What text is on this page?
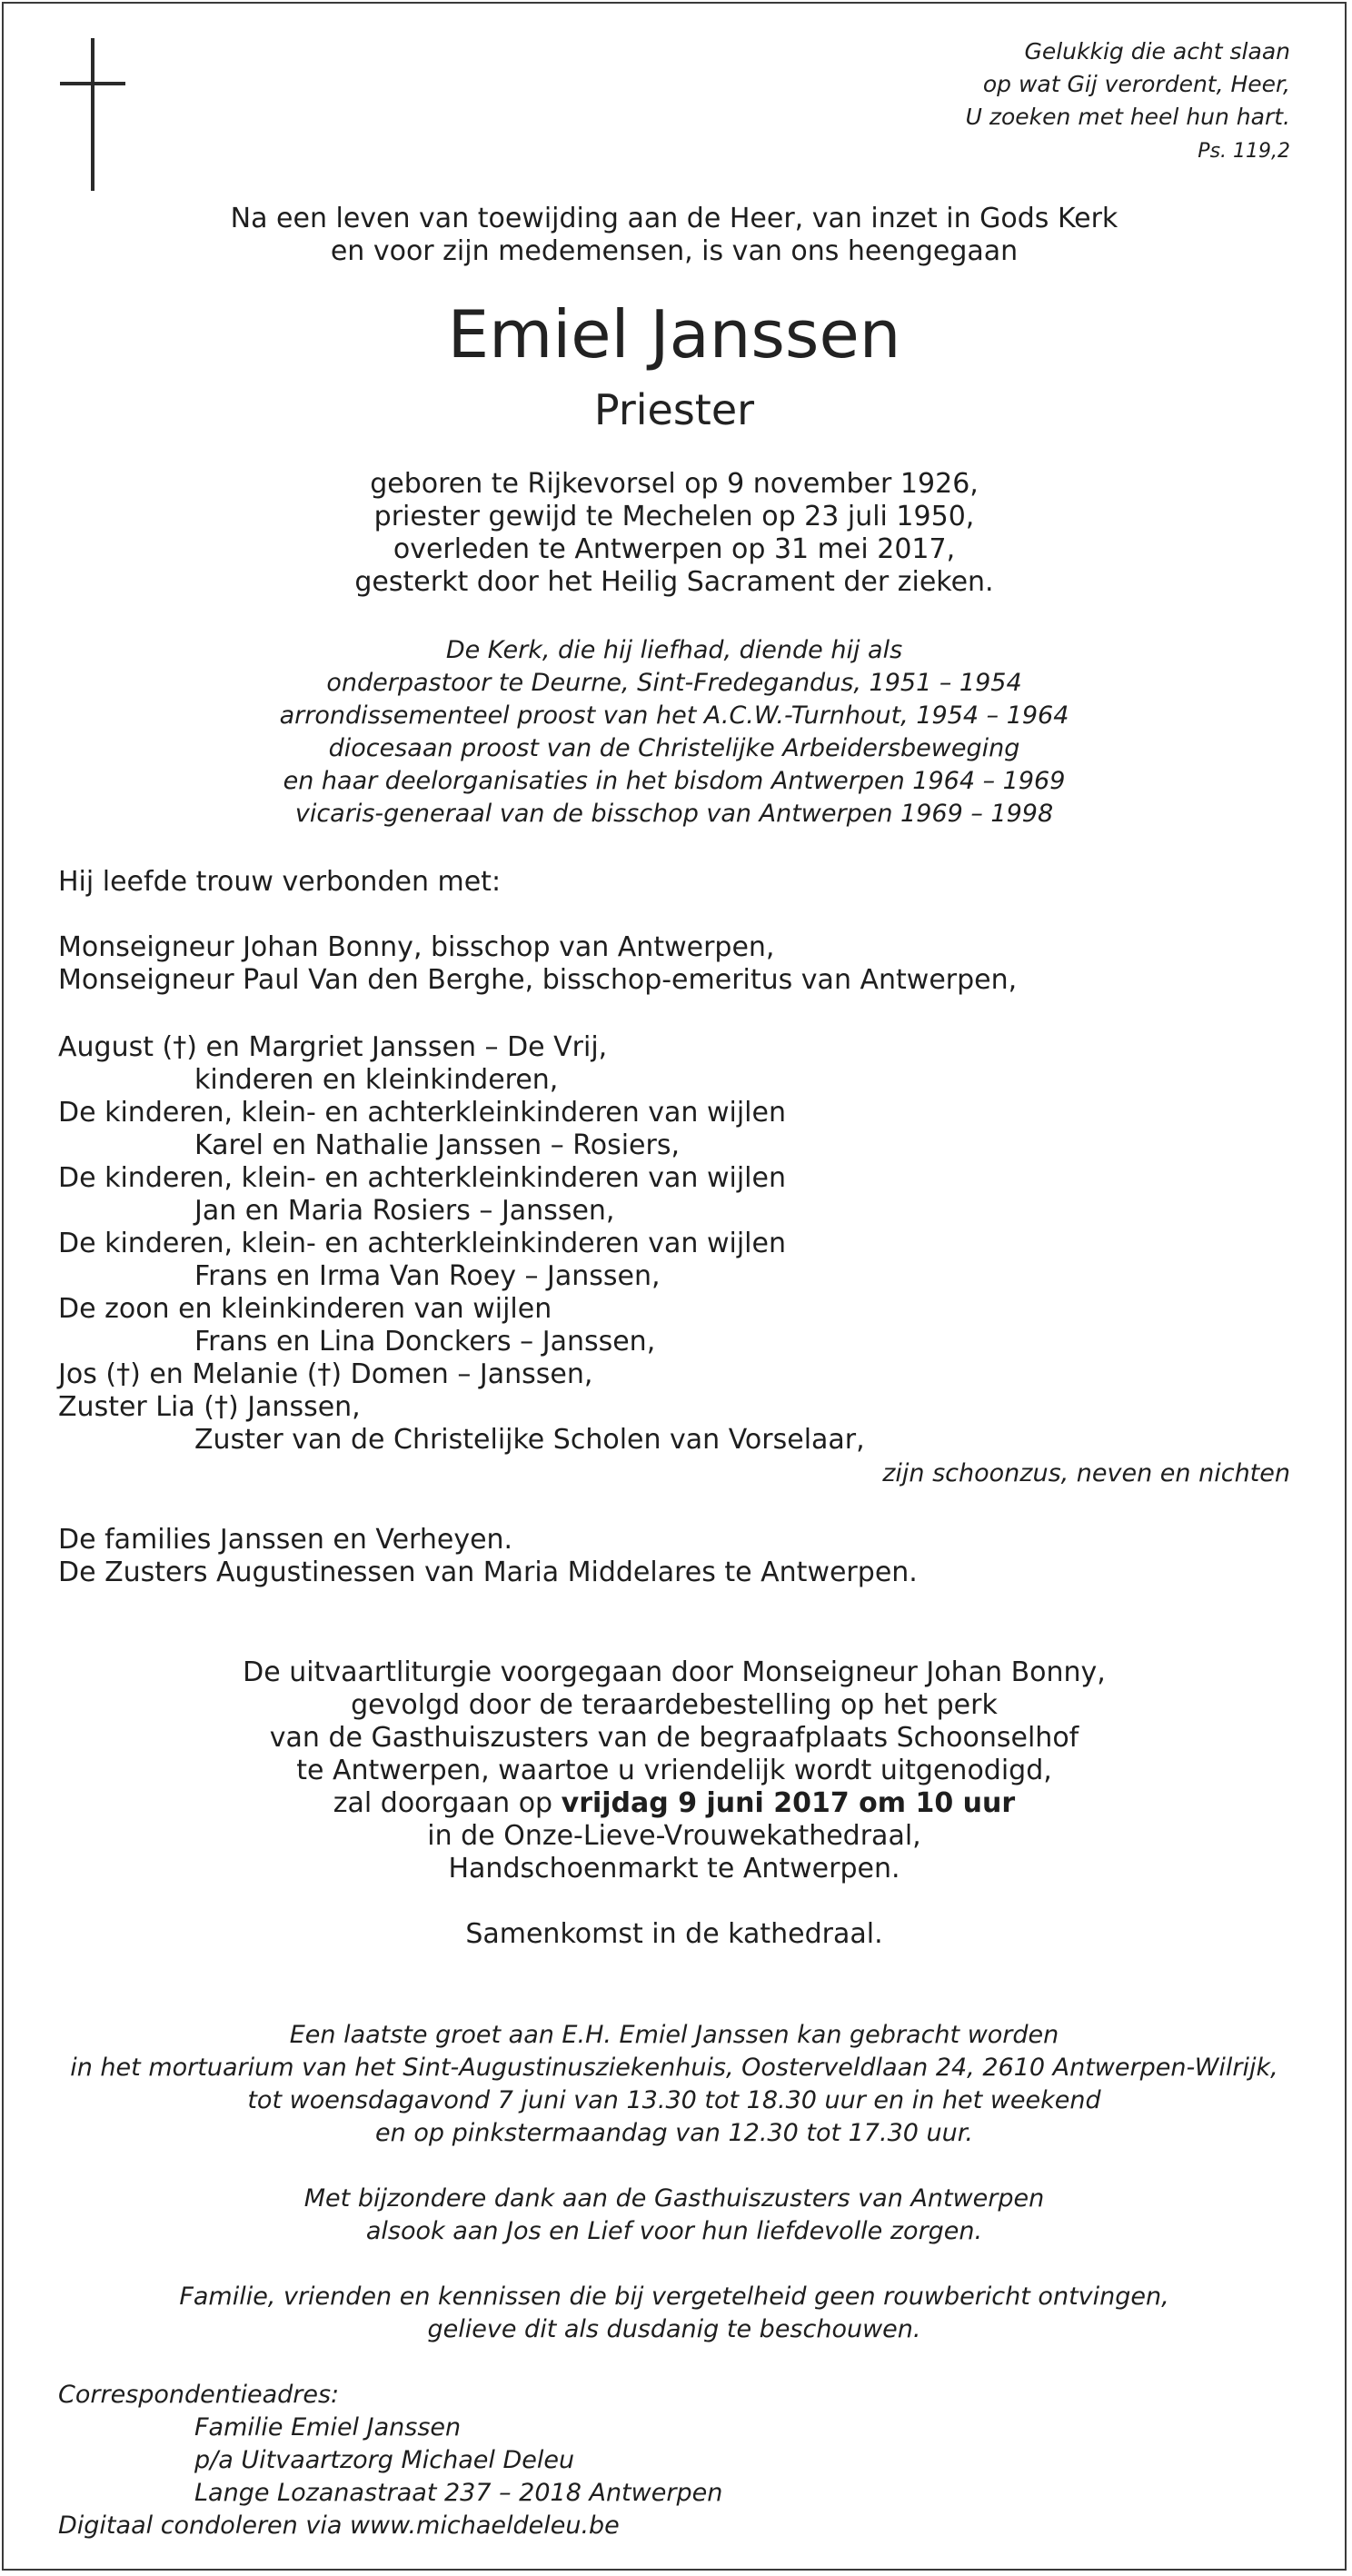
Gelukkig die acht slaan
op wat Gij verordent, Heer,
U zoeken met heel hun hart.
Ps. 119,2
Na een leven van toewijding aan de Heer, van inzet in Gods Kerk
en voor zijn medemensen, is van ons heengegaan
Emiel Janssen
Priester
geboren te Rijkevorsel op 9 november 1926,
priester gewijd te Mechelen op 23 juli 1950,
overleden te Antwerpen op 31 mei 2017,
gesterkt door het Heilig Sacrament der zieken.
De Kerk, die hij liefhad, diende hij als
onderpastoor te Deurne, Sint-Fredegandus, 1951 – 1954
arrondissementeel proost van het A.C.W.-Turnhout, 1954 – 1964
diocesaan proost van de Christelijke Arbeidersbeweging
en haar deelorganisaties in het bisdom Antwerpen 1964 – 1969
vicaris-generaal van de bisschop van Antwerpen 1969 – 1998
Hij leefde trouw verbonden met:
Monseigneur Johan Bonny, bisschop van Antwerpen,
Monseigneur Paul Van den Berghe, bisschop-emeritus van Antwerpen,
August (†) en Margriet Janssen – De Vrij,
kinderen en kleinkinderen,
De kinderen, klein- en achterkleinkinderen van wijlen
Karel en Nathalie Janssen – Rosiers,
De kinderen, klein- en achterkleinkinderen van wijlen
Jan en Maria Rosiers – Janssen,
De kinderen, klein- en achterkleinkinderen van wijlen
Frans en Irma Van Roey – Janssen,
De zoon en kleinkinderen van wijlen
Frans en Lina Donckers – Janssen,
Jos (†) en Melanie (†) Domen – Janssen,
Zuster Lia (†) Janssen,
Zuster van de Christelijke Scholen van Vorselaar,
zijn schoonzus, neven en nichten
De families Janssen en Verheyen.
De Zusters Augustinessen van Maria Middelares te Antwerpen.
De uitvaartliturgie voorgegaan door Monseigneur Johan Bonny,
gevolgd door de teraardebestelling op het perk
van de Gasthuiszusters van de begraafplaats Schoonselhof
te Antwerpen, waartoe u vriendelijk wordt uitgenodigd,
zal doorgaan op vrijdag 9 juni 2017 om 10 uur
in de Onze-Lieve-Vrouwekathedraal,
Handschoenmarkt te Antwerpen.
Samenkomst in de kathedraal.
Een laatste groet aan E.H. Emiel Janssen kan gebracht worden
in het mortuarium van het Sint-Augustinusziekenhuis, Oosterveldlaan 24, 2610 Antwerpen-Wilrijk,
tot woensdagavond 7 juni van 13.30 tot 18.30 uur en in het weekend
en op pinkstermaandag van 12.30 tot 17.30 uur.
Met bijzondere dank aan de Gasthuiszusters van Antwerpen
alsook aan Jos en Lief voor hun liefdevolle zorgen.
Familie, vrienden en kennissen die bij vergetelheid geen rouwbericht ontvingen,
gelieve dit als dusdanig te beschouwen.
Correspondentieadres:
Familie Emiel Janssen
p/a Uitvaartzorg Michael Deleu
Lange Lozanastraat 237 – 2018 Antwerpen
Digitaal condoleren via www.michaeldeleu.be
